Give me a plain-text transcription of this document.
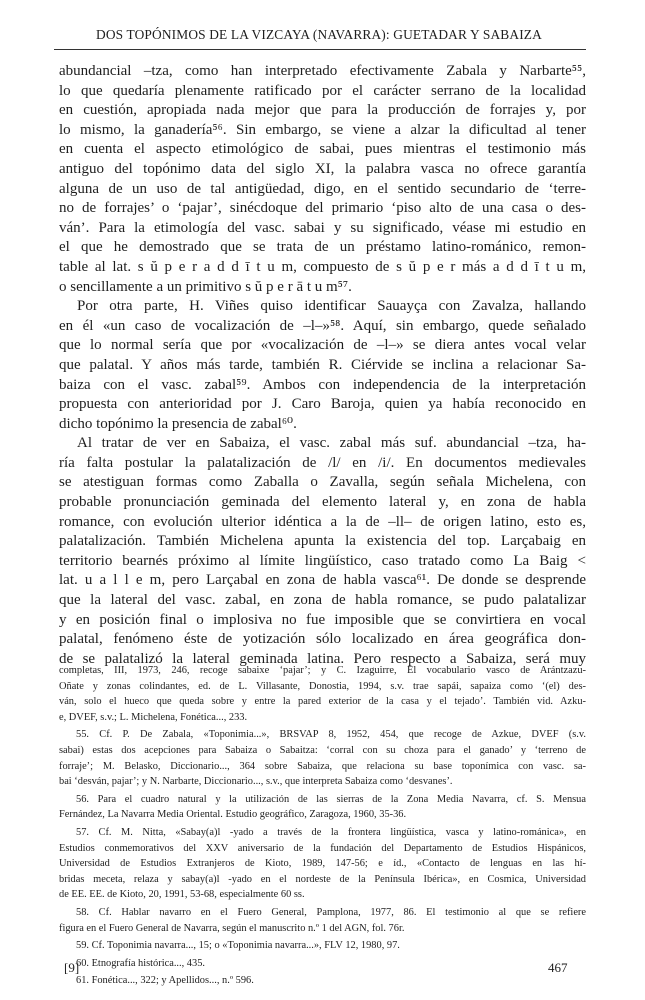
DOS TOPÓNIMOS DE LA VIZCAYA (NAVARRA): GUETADAR Y SABAIZA
abundancial –tza, como han interpretado efectivamente Zabala y Narbarte⁵⁵,
lo que quedaría plenamente ratificado por el carácter serrano de la localidad
en cuestión, apropiada nada mejor que para la producción de forrajes y, por
lo mismo, la ganadería⁵⁶. Sin embargo, se viene a alzar la dificultad al tener
en cuenta el aspecto etimológico de sabai, pues mientras el testimonio más
antiguo del topónimo data del siglo XI, la palabra vasca no ofrece garantía
alguna de un uso de tal antigüedad, digo, en el sentido secundario de ‘terre-
no de forrajes’ o ‘pajar’, sinécdoque del primario ‘piso alto de una casa o des-
ván’. Para la etimología del vasc. sabai y su significado, véase mi estudio en
el que he demostrado que se trata de un préstamo latino-románico, remon-
table al lat. s ŭ p e r a d d ī t u m, compuesto de s ŭ p e r más a d d ī t u m,
o sencillamente a un primitivo s ŭ p e r ā t u m⁵⁷.
Por otra parte, H. Viñes quiso identificar Sauayça con Zavalza, hallando
en él «un caso de vocalización de –l–»⁵⁸. Aquí, sin embargo, quede señalado
que lo normal sería que por «vocalización de –l–» se diera antes vocal velar
que palatal. Y años más tarde, también R. Ciérvide se inclina a relacionar Sa-
baiza con el vasc. zabal⁵⁹. Ambos con independencia de la interpretación
propuesta con anterioridad por J. Caro Baroja, quien ya había reconocido en
dicho topónimo la presencia de zabal⁶⁰.
Al tratar de ver en Sabaiza, el vasc. zabal más suf. abundancial –tza, ha-
ría falta postular la palatalización de /l/ en /i/. En documentos medievales
se atestiguan formas como Zaballa o Zavalla, según señala Michelena, con
probable pronunciación geminada del elemento lateral y, en zona de habla
romance, con evolución ulterior idéntica a la de –ll– de origen latino, esto es,
palatalización. También Michelena apunta la existencia del top. Larçabaig en
territorio bearnés próximo al límite lingüístico, caso tratado como La Baig <
lat. u a l l e m, pero Larçabal en zona de habla vasca⁶¹. De donde se desprende
que la lateral del vasc. zabal, en zona de habla romance, se pudo palatalizar
y en posición final o implosiva no fue imposible que se convirtiera en vocal
palatal, fenómeno éste de yotización sólo localizado en área geográfica don-
de se palatalizó la lateral geminada latina. Pero respecto a Sabaiza, será muy
completas, III, 1973, 246, recoge sabaixe ‘pajar’; y C. Izaguirre, El vocabulario vasco de Arántzazu-
Oñate y zonas colindantes, ed. de L. Villasante, Donostia, 1994, s.v. trae sapái, sapaiza como ‘(el) des-
ván, solo el hueco que queda sobre y entre la pared exterior de la casa y el tejado’. También vid. Azku-
e, DVEF, s.v.; L. Michelena, Fonética..., 233.
55. Cf. P. De Zabala, «Toponimia...», BRSVAP 8, 1952, 454, que recoge de Azkue, DVEF (s.v.
sabai) estas dos acepciones para Sabaiza o Sabaitza: ‘corral con su choza para el ganado’ y ‘terreno de
forraje’; M. Belasko, Diccionario..., 364 sobre Sabaiza, que relaciona su base toponímica con vasc. sa-
bai ‘desván, pajar’; y N. Narbarte, Diccionario..., s.v., que interpreta Sabaiza como ‘desvanes’.
56. Para el cuadro natural y la utilización de las sierras de la Zona Media Navarra, cf. S. Mensua
Fernández, La Navarra Media Oriental. Estudio geográfico, Zaragoza, 1960, 35-36.
57. Cf. M. Nitta, «Sabay(a)l -yado a través de la frontera lingüística, vasca y latino-románica», en
Estudios conmemorativos del XXV aniversario de la fundación del Departamento de Estudios Hispánicos,
Universidad de Estudios Extranjeros de Kioto, 1989, 147-56; e íd., «Contacto de lenguas en las hí-
bridas meceta, relaza y sabay(a)l -yado en el nordeste de la Península Ibérica», en Cosmica, Universidad
de EE. EE. de Kioto, 20, 1991, 53-68, especialmente 60 ss.
58. Cf. Hablar navarro en el Fuero General, Pamplona, 1977, 86. El testimonio al que se refiere
figura en el Fuero General de Navarra, según el manuscrito n.º 1 del AGN, fol. 76r.
59. Cf. Toponimia navarra..., 15; o «Toponimia navarra...», FLV 12, 1980, 97.
60. Etnografía histórica..., 435.
61. Fonética..., 322; y Apellidos..., n.º 596.
[9]	467
